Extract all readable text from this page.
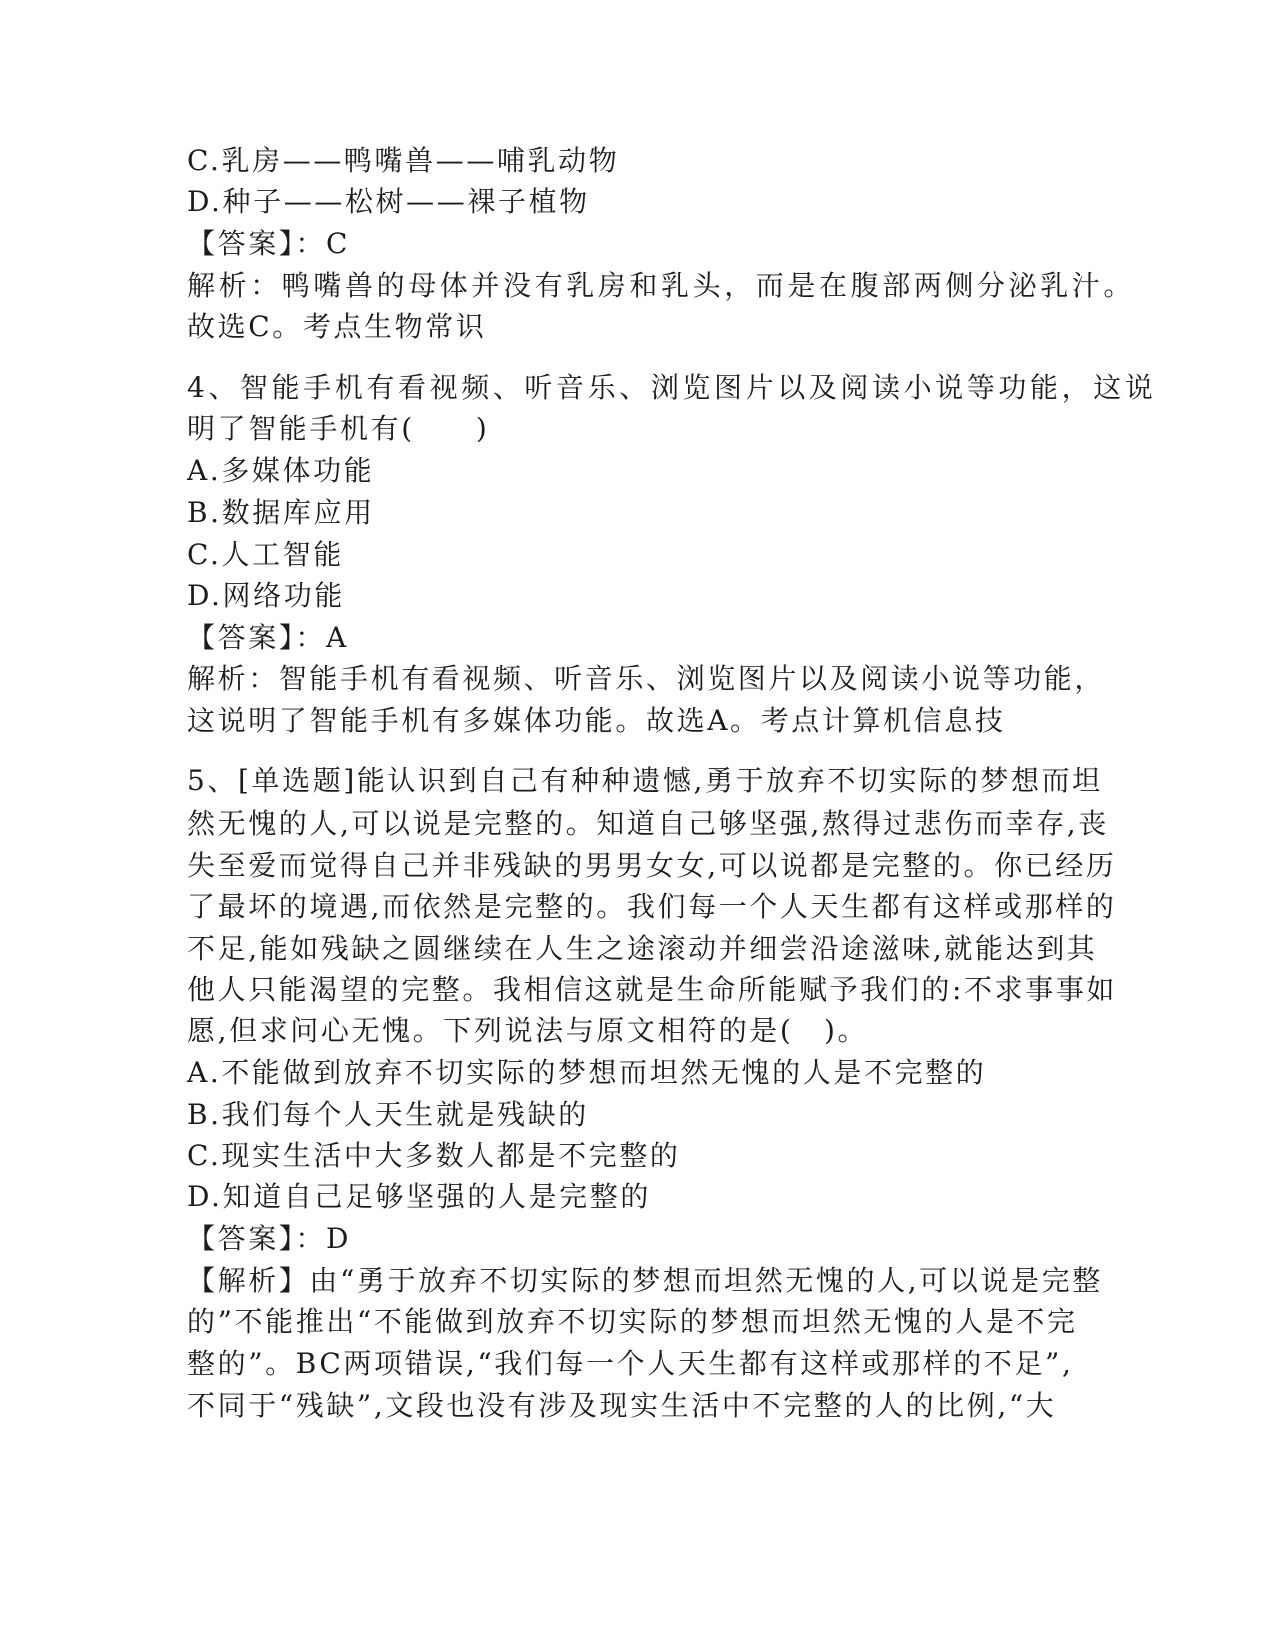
C.乳房——鸭嘴兽——哺乳动物
D.种子——松树——裸子植物
【答案】：C
解析：鸭嘴兽的母体并没有乳房和乳头，而是在腹部两侧分泌乳汁。
故选C。考点生物常识
4、智能手机有看视频、听音乐、浏览图片以及阅读小说等功能，这说
明了智能手机有(　　)
A.多媒体功能
B.数据库应用
C.人工智能
D.网络功能
【答案】：A
解析：智能手机有看视频、听音乐、浏览图片以及阅读小说等功能，
这说明了智能手机有多媒体功能。故选A。考点计算机信息技
5、[单选题]能认识到自己有种种遗憾,勇于放弃不切实际的梦想而坦
然无愧的人,可以说是完整的。知道自己够坚强,熬得过悲伤而幸存,丧
失至爱而觉得自己并非残缺的男男女女,可以说都是完整的。你已经历
了最坏的境遇,而依然是完整的。我们每一个人天生都有这样或那样的
不足,能如残缺之圆继续在人生之途滚动并细尝沿途滋味,就能达到其
他人只能渴望的完整。我相信这就是生命所能赋予我们的:不求事事如
愿,但求问心无愧。下列说法与原文相符的是(　)。
A.不能做到放弃不切实际的梦想而坦然无愧的人是不完整的
B.我们每个人天生就是残缺的
C.现实生活中大多数人都是不完整的
D.知道自己足够坚强的人是完整的
【答案】：D
【解析】由“勇于放弃不切实际的梦想而坦然无愧的人,可以说是完整
的”不能推出“不能做到放弃不切实际的梦想而坦然无愧的人是不完
整的”。BC两项错误,“我们每一个人天生都有这样或那样的不足”,
不同于“残缺”,文段也没有涉及现实生活中不完整的人的比例,“大
